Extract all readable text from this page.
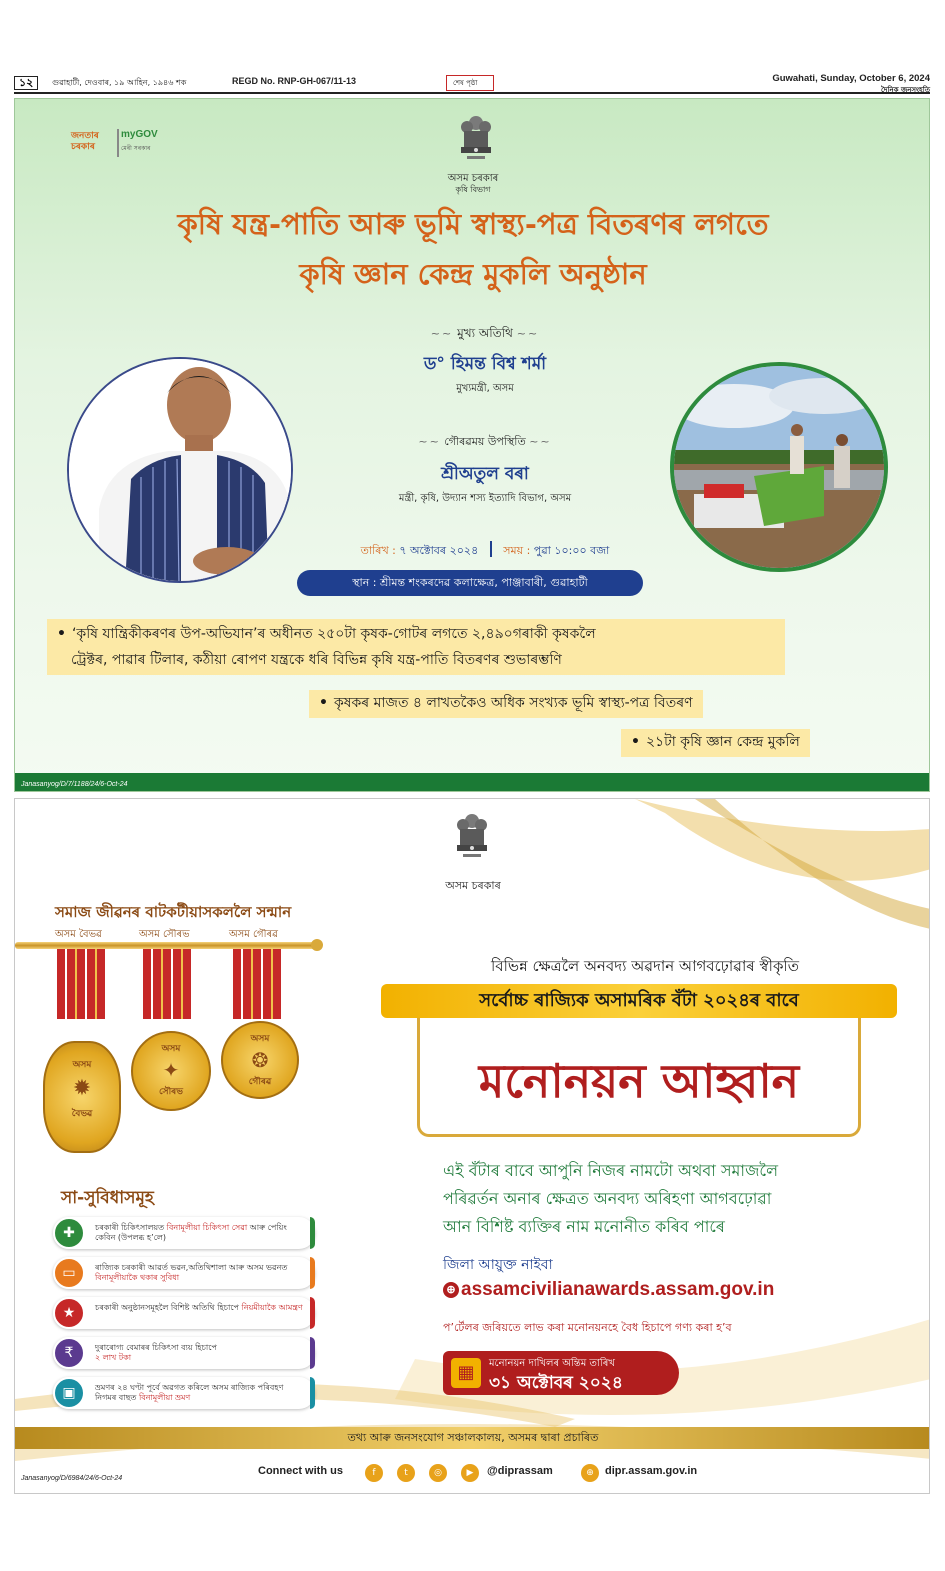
১২	গুৱাহাটী, দেওবাৰ, ১৯ আহিন, ১৯৪৬ শক	REGD No. RNP-GH-067/11-13	শেষ পৃষ্ঠা	Guwahati, Sunday, October 6, 2024
দৈনিক জনসংহতি
জনতাৰ চৰকাৰ
myGOV
মেৰী সৰকাৰ
অসম চৰকাৰ
কৃষি বিভাগ
কৃষি যন্ত্ৰ-পাতি আৰু ভূমি স্বাস্থ্য-পত্ৰ বিতৰণৰ লগতে
কৃষি জ্ঞান কেন্দ্ৰ মুকলি অনুষ্ঠান
~~ মুখ্য অতিথি ~~
ড° হিমন্ত বিশ্ব শৰ্মা
মুখ্যমন্ত্ৰী, অসম
~~ গৌৰৱময় উপস্থিতি ~~
শ্ৰীঅতুল বৰা
মন্ত্ৰী, কৃষি, উদ্যান শস্য ইত্যাদি বিভাগ, অসম
তাৰিখ : ৭ অক্টোবৰ ২০২৪ সময় : পুৱা ১০:০০ বজা
স্থান : শ্ৰীমন্ত শংকৰদেৱ কলাক্ষেত্ৰ, পাঞ্জাবাৰী, গুৱাহাটী
• ‘কৃষি যান্ত্ৰিকীকৰণৰ উপ-অভিযান’ৰ অধীনত ২৫০টা কৃষক-গোটৰ লগতে ২,৪৯০গৰাকী কৃষকলৈ
ট্ৰেক্টৰ, পাৱাৰ টিলাৰ, কঠীয়া ৰোপণ যন্ত্ৰকে ধৰি বিভিন্ন কৃষি যন্ত্ৰ-পাতি বিতৰণৰ শুভাৰম্ভণি
• কৃষকৰ মাজত ৪ লাখতকৈও অধিক সংখ্যক ভূমি স্বাস্থ্য-পত্ৰ বিতৰণ
• ২১টা কৃষি জ্ঞান কেন্দ্ৰ মুকলি
Janasanyog/D/7/1188/24/6-Oct-24
অসম চৰকাৰ
সমাজ জীৱনৰ বাটকটীয়াসকললৈ সন্মান
অসম বৈভৱ	অসম সৌৰভ	অসম গৌৰৱ
অসম
✹
বৈভৱ
অসম
✦
সৌৰভ
অসম
❂
গৌৰৱ
সা-সুবিধাসমূহ
✚	চৰকাৰী চিকিৎসালয়ত বিনামূলীয়া চিকিৎসা সেৱা আৰু পেয়িং কেবিন (উপলব্ধ হ’লে)
▭	ৰাজ্যিক চৰকাৰী আৱৰ্ত ভৱন,অতিথিশালা আৰু অসম ভৱনত বিনামূলীয়াকৈ থকাৰ সুবিধা
★	চৰকাৰী অনুষ্ঠানসমূহলৈ বিশিষ্ট অতিথি হিচাপে নিয়মীয়াকৈ আমন্ত্ৰণ
₹	দুৰাৰোগ্য বেমাৰৰ চিকিৎসা ব্যয় হিচাপে
২ লাখ টকা
▣	ভ্ৰমণৰ ২৪ ঘণ্টা পূৰ্বে অৱগত কৰিলে অসম ৰাজ্যিক পৰিবহণ নিগমৰ বাছত বিনামূলীয়া ভ্ৰমণ
বিভিন্ন ক্ষেত্ৰলৈ অনবদ্য অৱদান আগবঢ়োৱাৰ স্বীকৃতি
মনোনয়ন আহ্বান
সৰ্বোচ্চ ৰাজ্যিক অসামৰিক বঁটা ২০২৪ৰ বাবে
এই বঁটাৰ বাবে আপুনি নিজৰ নামটো অথবা সমাজলৈ
পৰিৱৰ্তন অনাৰ ক্ষেত্ৰত অনবদ্য অৰিহণা আগবঢ়োৱা
আন বিশিষ্ট ব্যক্তিৰ নাম মনোনীত কৰিব পাৰে
জিলা আয়ুক্ত নাইবা
⊕ assamcivilianawards.assam.gov.in
প’ৰ্টেলৰ জৰিয়তে লাভ কৰা মনোনয়নহে বৈধ হিচাপে গণ্য কৰা হ’ব
▦	মনোনয়ন দাখিলৰ অন্তিম তাৰিখ
৩১ অক্টোবৰ ২০২৪
তথ্য আৰু জনসংযোগ সঞ্চালকালয়, অসমৰ দ্বাৰা প্ৰচাৰিত
Janasanyog/D/6984/24/6-Oct-24
Connect with us	f	t	◎	▶	@diprassam	⊕	dipr.assam.gov.in
